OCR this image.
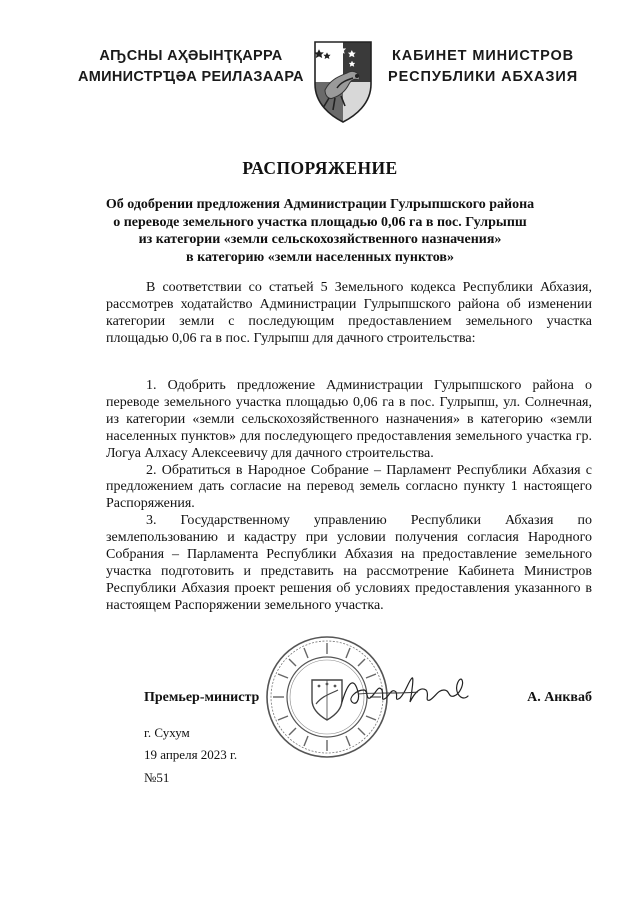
АҦСНЫ АҲӘЫНҬҚАРРА
АМИНИСТРҴӘА РЕИЛАЗААРА
КАБИНЕТ МИНИСТРОВ
РЕСПУБЛИКИ АБХАЗИЯ
РАСПОРЯЖЕНИЕ
Об одобрении предложения Администрации Гулрыпшского района
о переводе земельного участка площадью 0,06 га в пос. Гулрыпш
из категории «земли сельскохозяйственного назначения»
в категорию «земли населенных пунктов»

В соответствии со статьей 5 Земельного кодекса Республики Абхазия, рассмотрев ходатайство Администрации Гулрыпшского района об изменении категории земли с последующим предоставлением земельного участка площадью 0,06 га в пос. Гулрыпш для дачного строительства:

1. Одобрить предложение Администрации Гулрыпшского района о переводе земельного участка площадью 0,06 га в пос. Гулрыпш, ул. Солнечная, из категории «земли сельскохозяйственного назначения» в категорию «земли населенных пунктов» для последующего предоставления земельного участка гр. Логуа Алхасу Алексеевичу для дачного строительства.

2. Обратиться в Народное Собрание – Парламент Республики Абхазия с предложением дать согласие на перевод земель согласно пункту 1 настоящего Распоряжения.

3. Государственному управлению Республики Абхазия по землепользованию и кадастру при условии получения согласия Народного Собрания – Парламента Республики Абхазия на предоставление земельного участка подготовить и представить на рассмотрение Кабинета Министров Республики Абхазия проект решения об условиях предоставления указанного в настоящем Распоряжении земельного участка.

Премьер-министр	А. Анкваб
г. Сухум
19 апреля 2023 г.
№51
